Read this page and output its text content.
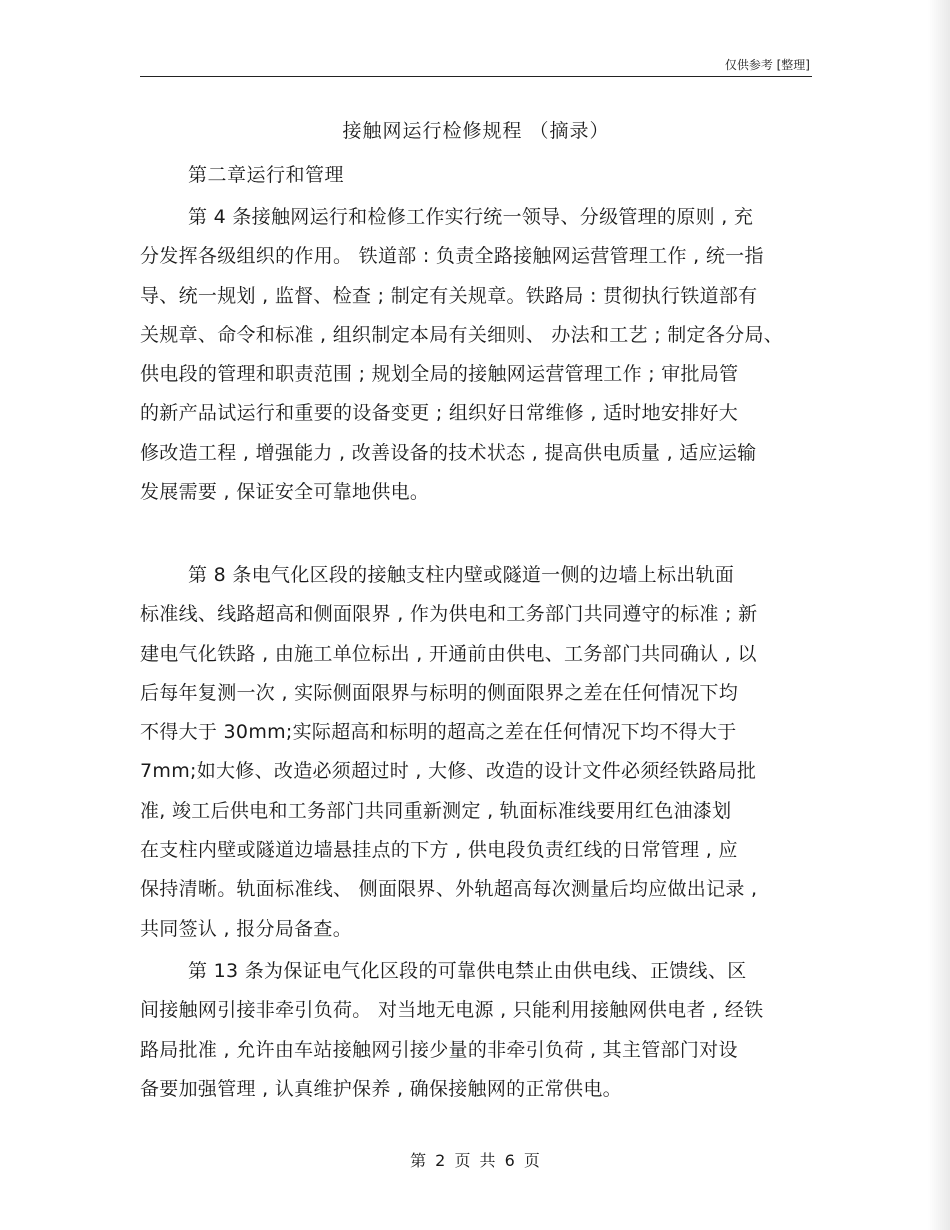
仅供参考 [整理]
接触网运行检修规程 （摘录）
第二章运行和管理
第 4 条接触网运行和检修工作实行统一领导、分级管理的原则 , 充
分发挥各级组织的作用。 铁道部 : 负责全路接触网运营管理工作 , 统一指
导、统一规划 , 监督、检查 ; 制定有关规章。铁路局 : 贯彻执行铁道部有
关规章、命令和标准 , 组织制定本局有关细则、 办法和工艺 ; 制定各分局、
供电段的管理和职责范围 ; 规划全局的接触网运营管理工作 ; 审批局管
的新产品试运行和重要的设备变更 ; 组织好日常维修 , 适时地安排好大
修改造工程 , 增强能力 , 改善设备的技术状态 , 提高供电质量 , 适应运输
发展需要 , 保证安全可靠地供电。
第 8 条电气化区段的接触支柱内壁或隧道一侧的边墙上标出轨面
标准线、线路超高和侧面限界 , 作为供电和工务部门共同遵守的标准 ; 新
建电气化铁路 , 由施工单位标出 , 开通前由供电、工务部门共同确认 , 以
后每年复测一次 , 实际侧面限界与标明的侧面限界之差在任何情况下均
不得大于 30mm;实际超高和标明的超高之差在任何情况下均不得大于
7mm;如大修、改造必须超过时 , 大修、改造的设计文件必须经铁路局批
准, 竣工后供电和工务部门共同重新测定 , 轨面标准线要用红色油漆划
在支柱内壁或隧道边墙悬挂点的下方 , 供电段负责红线的日常管理 , 应
保持清晰。轨面标准线、 侧面限界、外轨超高每次测量后均应做出记录 ,
共同签认 , 报分局备查。
第 13 条为保证电气化区段的可靠供电禁止由供电线、正馈线、区
间接触网引接非牵引负荷。 对当地无电源 , 只能利用接触网供电者 , 经铁
路局批准 , 允许由车站接触网引接少量的非牵引负荷 , 其主管部门对设
备要加强管理 , 认真维护保养 , 确保接触网的正常供电。
第 2 页 共 6 页
